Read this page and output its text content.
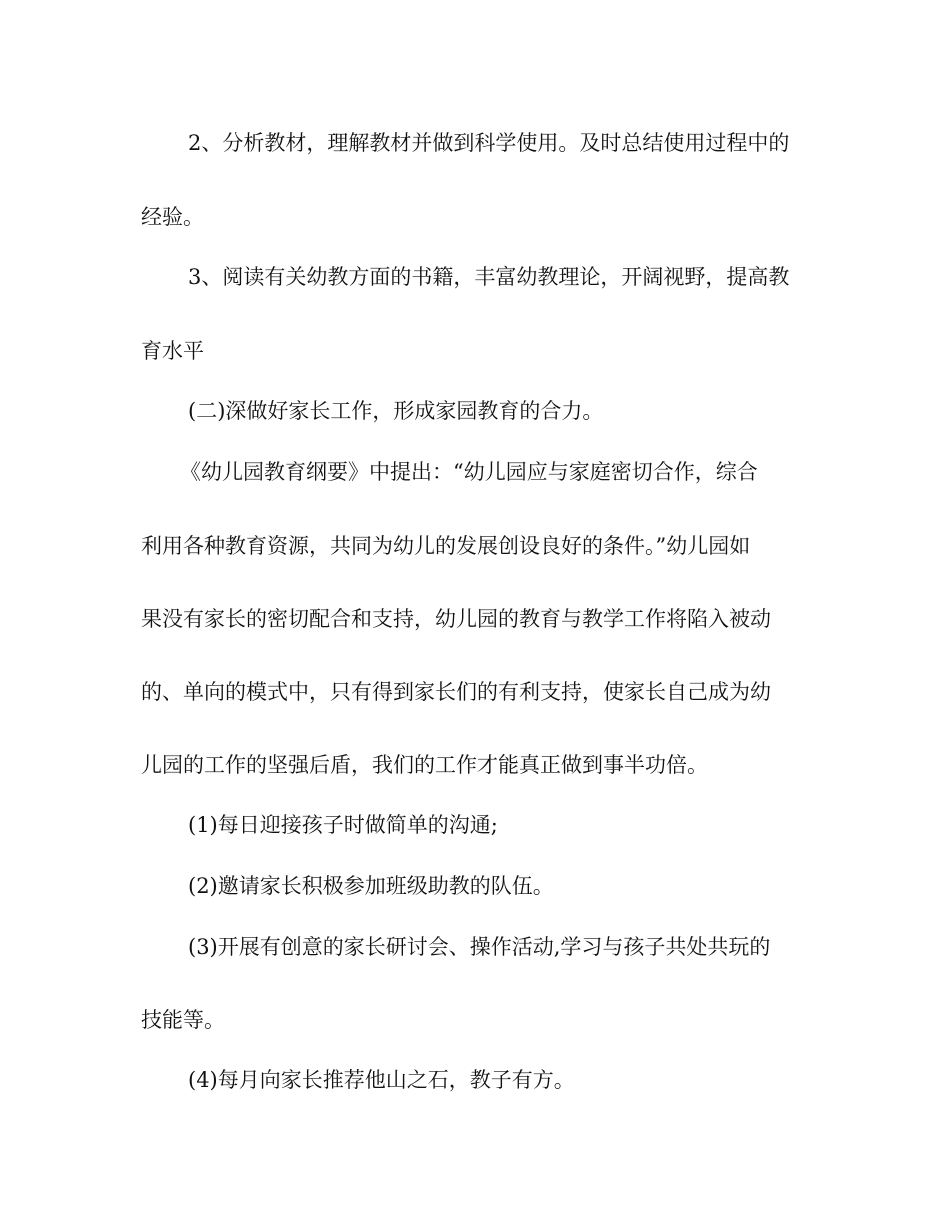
2、分析教材，理解教材并做到科学使用。及时总结使用过程中的
经验。
3、阅读有关幼教方面的书籍，丰富幼教理论，开阔视野，提高教
育水平
(二)深做好家长工作，形成家园教育的合力。
《幼儿园教育纲要》中提出：“幼儿园应与家庭密切合作，综合
利用各种教育资源，共同为幼儿的发展创设良好的条件。”幼儿园如
果没有家长的密切配合和支持，幼儿园的教育与教学工作将陷入被动
的、单向的模式中，只有得到家长们的有利支持，使家长自己成为幼
儿园的工作的坚强后盾，我们的工作才能真正做到事半功倍。
(1)每日迎接孩子时做简单的沟通;
(2)邀请家长积极参加班级助教的队伍。
(3)开展有创意的家长研讨会、操作活动,学习与孩子共处共玩的
技能等。
(4)每月向家长推荐他山之石，教子有方。
